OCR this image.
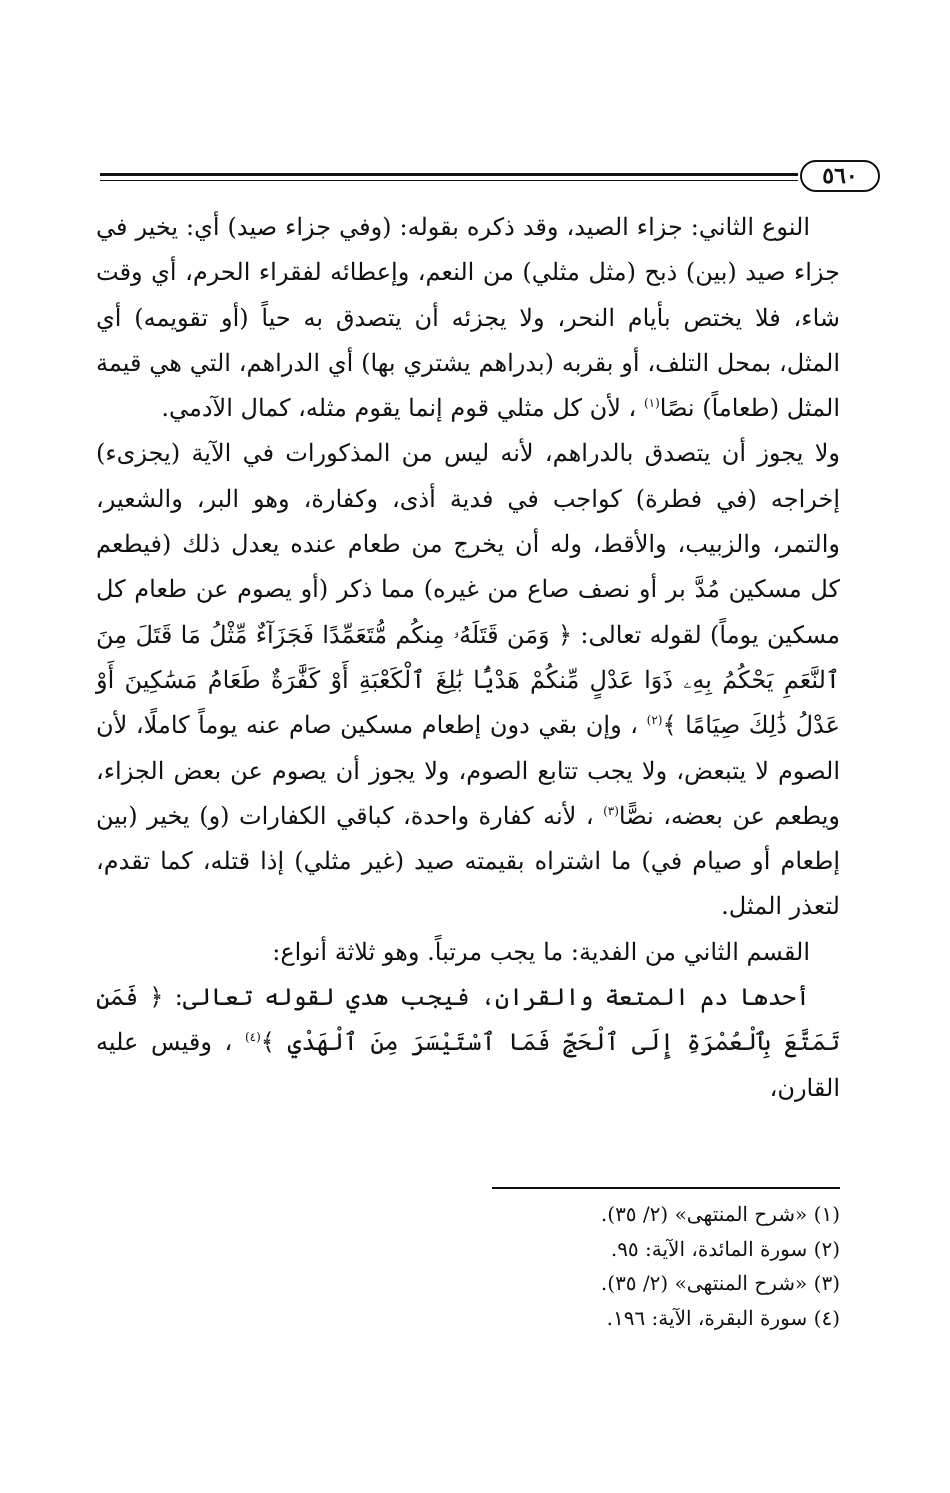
٥٦٠

النوع الثاني: جزاء الصيد، وقد ذكره بقوله: (وفي جزاء صيد) أي: يخير في جزاء صيد (بين) ذبح (مثل مثلي) من النعم، وإعطائه لفقراء الحرم، أي وقت شاء، فلا يختص بأيام النحر، ولا يجزئه أن يتصدق به حياً (أو تقويمه) أي المثل، بمحل التلف، أو بقربه (بدراهم يشتري بها) أي الدراهم، التي هي قيمة المثل (طعاماً) نصًا$^{(١)}$ ، لأن كل مثلي قوم إنما يقوم مثله، كمال الآدمي.

ولا يجوز أن يتصدق بالدراهم، لأنه ليس من المذكورات في الآية (يجزىء) إخراجه (في فطرة) كواجب في فدية أذى، وكفارة، وهو البر، والشعير، والتمر، والزبيب، والأقط، وله أن يخرج من طعام عنده يعدل ذلك (فيطعم كل مسكين مُدَّ بر أو نصف صاع من غيره) مما ذكر (أو يصوم عن طعام كل مسكين يوماً) لقوله تعالى: ﴿ وَمَن قَتَلَهُۥ مِنكُم مُّتَعَمِّدًا فَجَزَآءٌ مِّثْلُ مَا قَتَلَ مِنَ ٱلنَّعَمِ يَحْكُمُ بِهِۦ ذَوَا عَدْلٍ مِّنكُمْ هَدْيًۢا بَٰلِغَ ٱلْكَعْبَةِ أَوْ كَفَّٰرَةٌ طَعَامُ مَسَٰكِينَ أَوْ عَدْلُ ذَٰلِكَ صِيَامًا ﴾$^{(٢)}$ ، وإن بقي دون إطعام مسكين صام عنه يوماً كاملًا، لأن الصوم لا يتبعض، ولا يجب تتابع الصوم، ولا يجوز أن يصوم عن بعض الجزاء، ويطعم عن بعضه، نصًّا$^{(٣)}$ ، لأنه كفارة واحدة، كباقي الكفارات (و) يخير (بين إطعام أو صيام في) ما اشتراه بقيمته صيد (غير مثلي) إذا قتله، كما تقدم، لتعذر المثل.

القسم الثاني من الفدية: ما يجب مرتباً. وهو ثلاثة أنواع:

أحدها دم المتعة والقران، فيجب هدي لقوله تعالى: ﴿ فَمَن تَمَتَّعَ بِٱلْعُمْرَةِ إِلَى ٱلْحَجِّ فَمَا ٱسْتَيْسَرَ مِنَ ٱلْهَدْيِ ﴾$^{(٤)}$ ، وقيس عليه القارن،

(١) «شرح المنتهى» (٢/ ٣٥).

(٢) سورة المائدة، الآية: ٩٥.

(٣) «شرح المنتهى» (٢/ ٣٥).

(٤) سورة البقرة، الآية: ١٩٦.
